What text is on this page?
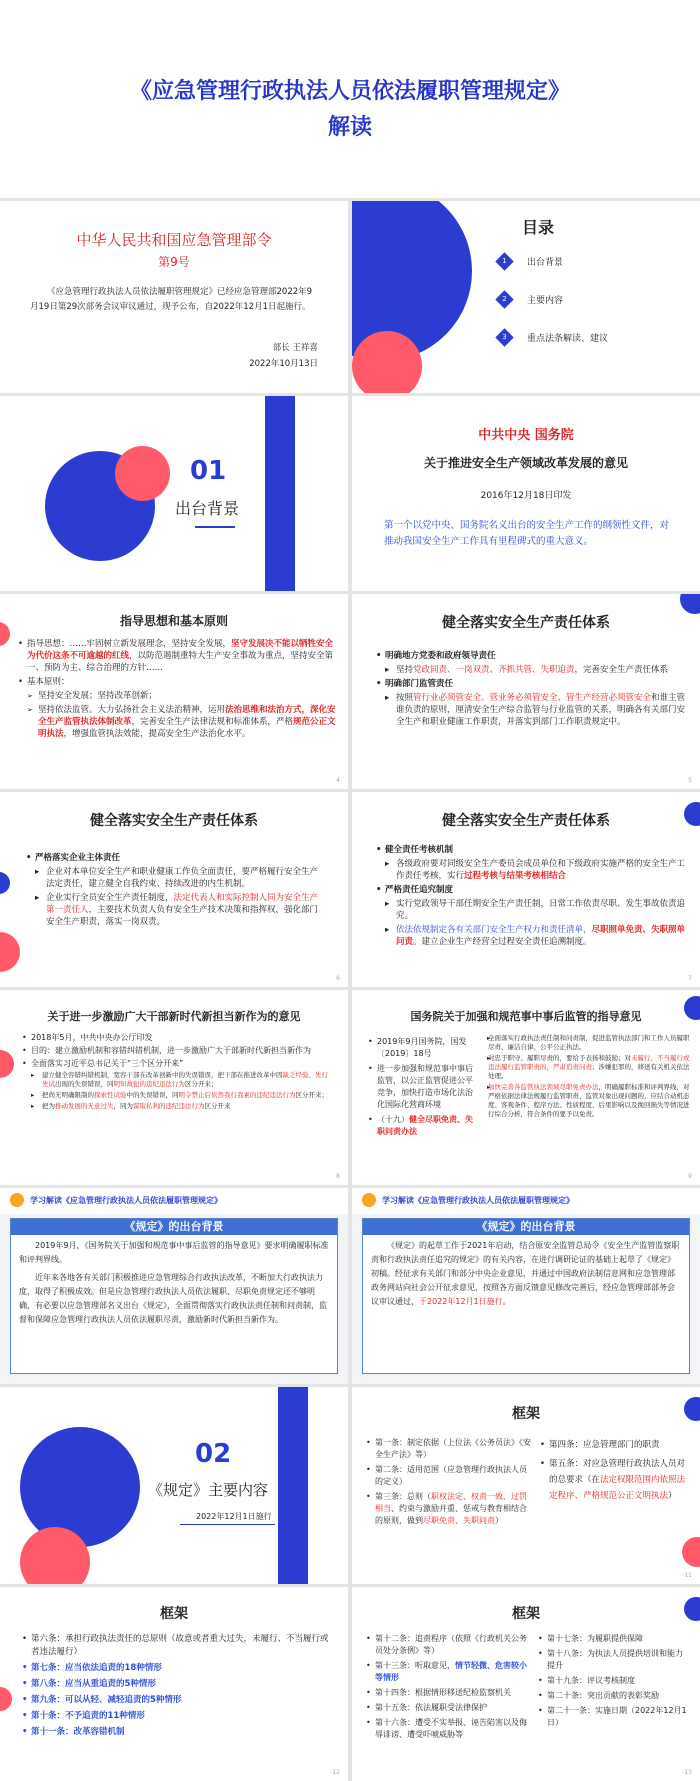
《应急管理行政执法人员依法履职管理规定》
解读
中华人民共和国应急管理部令
第9号
《应急管理行政执法人员依法履职管理规定》已经应急管理部2022年9月19日第29次部务会议审议通过，现予公布，自2022年12月1日起施行。
部长 王祥喜
2022年10月13日
目录
1	出台背景
2	主要内容
3	重点法条解读、建议
01
出台背景
中共中央 国务院
关于推进安全生产领域改革发展的意见
2016年12月18日印发
第一个以党中央、国务院名义出台的安全生产工作的纲领性文件，对推动我国安全生产工作具有里程碑式的重大意义。
指导思想和基本原则
• 指导思想：……牢固树立新发展理念，坚持安全发展，坚守发展决不能以牺牲安全为代价这条不可逾越的红线，以防范遏制重特大生产安全事故为重点，坚持安全第一、预防为主、综合治理的方针……
• 基本原则：
➢ 坚持安全发展；坚持改革创新；
➢ 坚持依法监管。大力弘扬社会主义法治精神，运用法治思维和法治方式，深化安全生产监管执法体制改革，完善安全生产法律法规和标准体系，严格规范公正文明执法，增强监管执法效能，提高安全生产法治化水平。
4
健全落实安全生产责任体系
• 明确地方党委和政府领导责任
▸ 坚持党政同责、一岗双责、齐抓共管、失职追责，完善安全生产责任体系
• 明确部门监管责任
▸ 按照管行业必须管安全、管业务必须管安全、管生产经营必须管安全和谁主管谁负责的原则，厘清安全生产综合监管与行业监管的关系，明确各有关部门安全生产和职业健康工作职责，并落实到部门工作职责规定中。
5
健全落实安全生产责任体系
• 严格落实企业主体责任
▸ 企业对本单位安全生产和职业健康工作负全面责任，要严格履行安全生产法定责任，建立健全自我约束、持续改进的内生机制。
▸ 企业实行全员安全生产责任制度，法定代表人和实际控制人同为安全生产第一责任人，主要技术负责人负有安全生产技术决策和指挥权，强化部门安全生产职责，落实一岗双责。
6
健全落实安全生产责任体系
• 健全责任考核机制
▸ 各级政府要对同级安全生产委员会成员单位和下级政府实施严格的安全生产工作责任考核，实行过程考核与结果考核相结合
• 严格责任追究制度
▸ 实行党政领导干部任期安全生产责任制，日常工作依责尽职、发生事故依责追究。
▸ 依法依规制定各有关部门安全生产权力和责任清单，尽职照单免责、失职照单问责。建立企业生产经营全过程安全责任追溯制度。
7
关于进一步激励广大干部新时代新担当新作为的意见
• 2018年5月，中共中央办公厅印发
• 目的：建立激励机制和容错纠错机制，进一步激励广大干部新时代新担当新作为
• 全面落实习近平总书记关于“三个区分开来”
▸ 建立健全容错纠错机制，宽容干部在改革创新中的失误错误，把干部在推进改革中因缺乏经验、先行先试出现的失误错误，同明知故犯的违纪违法行为区分开来；
▸ 把尚无明确限制的探索性试验中的失误错误，同明令禁止后依然我行我素的违纪违法行为区分开来；
▸ 把为推动发展的无意过失，同为谋取私利的违纪违法行为区分开来
8
国务院关于加强和规范事中事后监管的指导意见
• 2019年9月国务院，国发〔2019〕18号
• 进一步加强和规范事中事后监管，以公正监管促进公平竞争，加快打造市场化法治化国际化营商环境
• （十九）健全尽职免责、失职问责办法
▸ 全面落实行政执法责任制和问责制，促进监管执法部门和工作人员履职尽责、廉洁自律、公平公正执法。
▸ 对忠于职守、履职尽责的，要给予表扬和鼓励；对未履行、不当履行或违法履行监管职责的，严肃追责问责；涉嫌犯罪的，移送有关机关依法处理。
▸ 加快完善各监管执法领域尽职免责办法，明确履职标准和评判界线，对严格依据法律法规履行监管职责、监管对象出现问题的，应结合动机态度、客观条件、程序方法、性质程度、后果影响以及挽回损失等情况进行综合分析，符合条件的要予以免责。
9
学习解读《应急管理行政执法人员依法履职管理规定》
《规定》的出台背景
2019年9月，《国务院关于加强和规范事中事后监管的指导意见》要求明确履职标准和评判界线。
近年来各地各有关部门积极推进应急管理综合行政执法改革，不断加大行政执法力度，取得了积极成效。但是应急管理行政执法人员依法履职、尽职免责规定还不够明确，有必要以应急管理部名义出台《规定》，全面贯彻落实行政执法责任制和问责制，监督和保障应急管理行政执法人员依法履职尽责，激励新时代新担当新作为。
学习解读《应急管理行政执法人员依法履职管理规定》
《规定》的出台背景
《规定》的起草工作于2021年启动，结合原安全监管总局令《安全生产监管监察职责和行政执法责任追究的规定》的有关内容，在进行调研论证的基础上起草了《规定》初稿。经征求有关部门和部分中央企业意见，并通过中国政府法制信息网和应急管理部政务网站向社会公开征求意见，按照各方面反馈意见修改完善后，经应急管理部部务会议审议通过，于2022年12月1日施行。
02
《规定》主要内容
2022年12月1日施行
框架
• 第一条：制定依据（上位法《公务员法》《安全生产法》等）
• 第二条：适用范围（应急管理行政执法人员的定义）
• 第三条：总则（职权法定、权责一致、过罚相当、约束与激励并重、惩戒与教育相结合的原则，做到尽职免责、失职问责）
• 第四条：应急管理部门的职责
• 第五条：对应急管理行政执法人员对的总要求（在法定权限范围内依照法定程序、严格规范公正文明执法）
11
框架
• 第六条：承担行政执法责任的总原则（故意或者重大过失，未履行、不当履行或者违法履行）
• 第七条：应当依法追责的18种情形
• 第八条：应当从重追责的5种情形
• 第九条：可以从轻、减轻追责的5种情形
• 第十条：不予追责的11种情形
• 第十一条：改革容错机制
12
框架
• 第十二条：追责程序（依照《行政机关公务员处分条例》等）
• 第十三条：听取意见，情节轻微、危害较小等情形
• 第十四条：根据情形移送纪检监察机关
• 第十五条：依法履职受法律保护
• 第十六条：遭受不实举报、诬告陷害以及侮辱诽谤、遭受吓唬威胁等
• 第十七条：为履职提供保障
• 第十八条：为执法人员提供培训和能力提升
• 第十九条：评议考核制度
• 第二十条：突出贡献的表彰奖励
• 第二十一条：实施日期（2022年12月1日）
13
